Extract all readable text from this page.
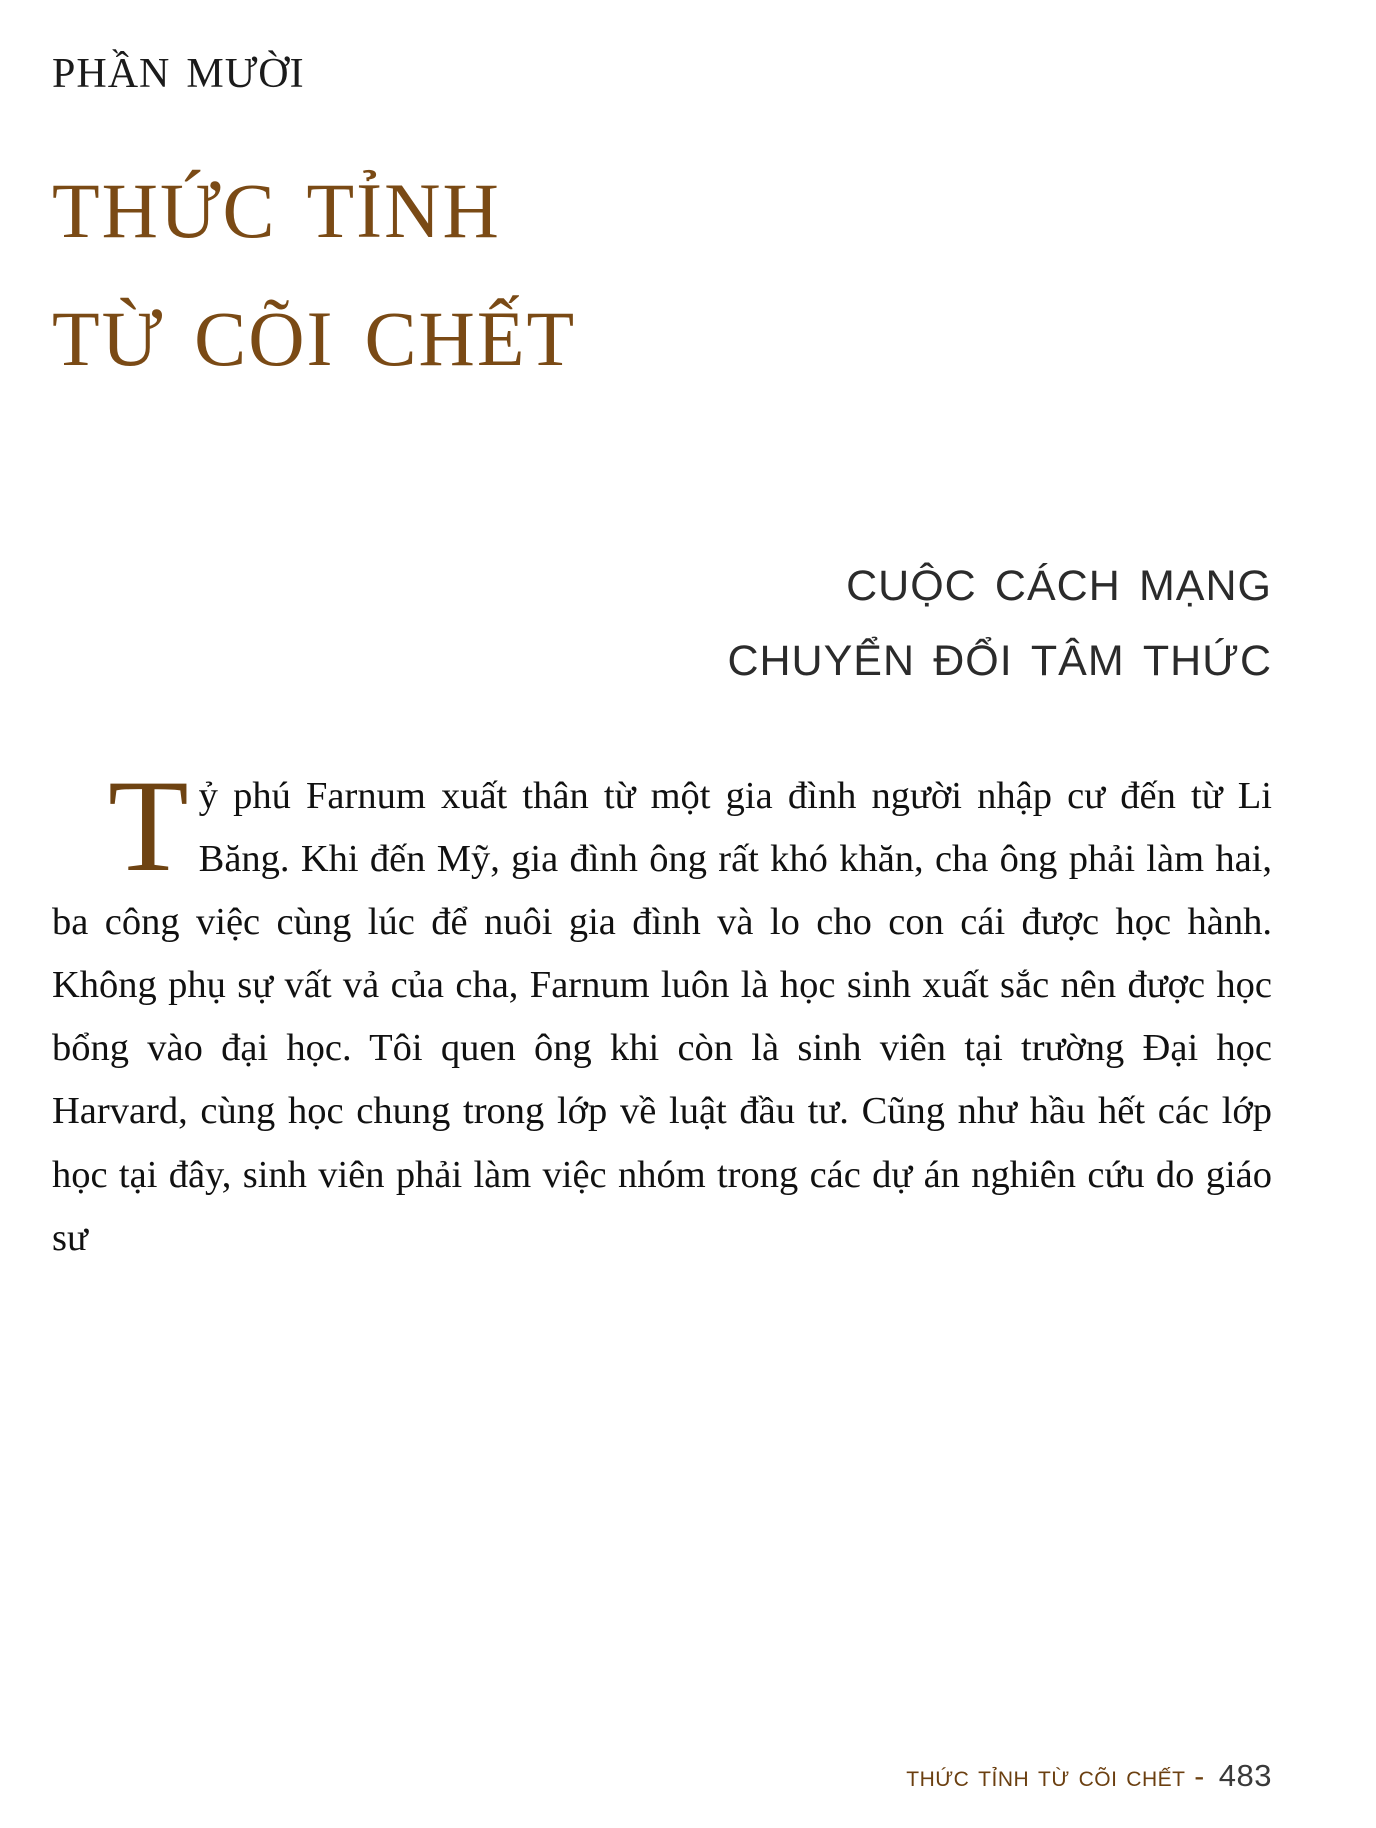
phần mười
thức tỉnh
từ cõi chết
cuộc cách mạng
chuyển đổi tâm thức
Tỷ phú Farnum xuất thân từ một gia đình người nhập cư đến từ Li Băng. Khi đến Mỹ, gia đình ông rất khó khăn, cha ông phải làm hai, ba công việc cùng lúc để nuôi gia đình và lo cho con cái được học hành. Không phụ sự vất vả của cha, Farnum luôn là học sinh xuất sắc nên được học bổng vào đại học. Tôi quen ông khi còn là sinh viên tại trường Đại học Harvard, cùng học chung trong lớp về luật đầu tư. Cũng như hầu hết các lớp học tại đây, sinh viên phải làm việc nhóm trong các dự án nghiên cứu do giáo sư
thức tỉnh từ cõi chết - 483
